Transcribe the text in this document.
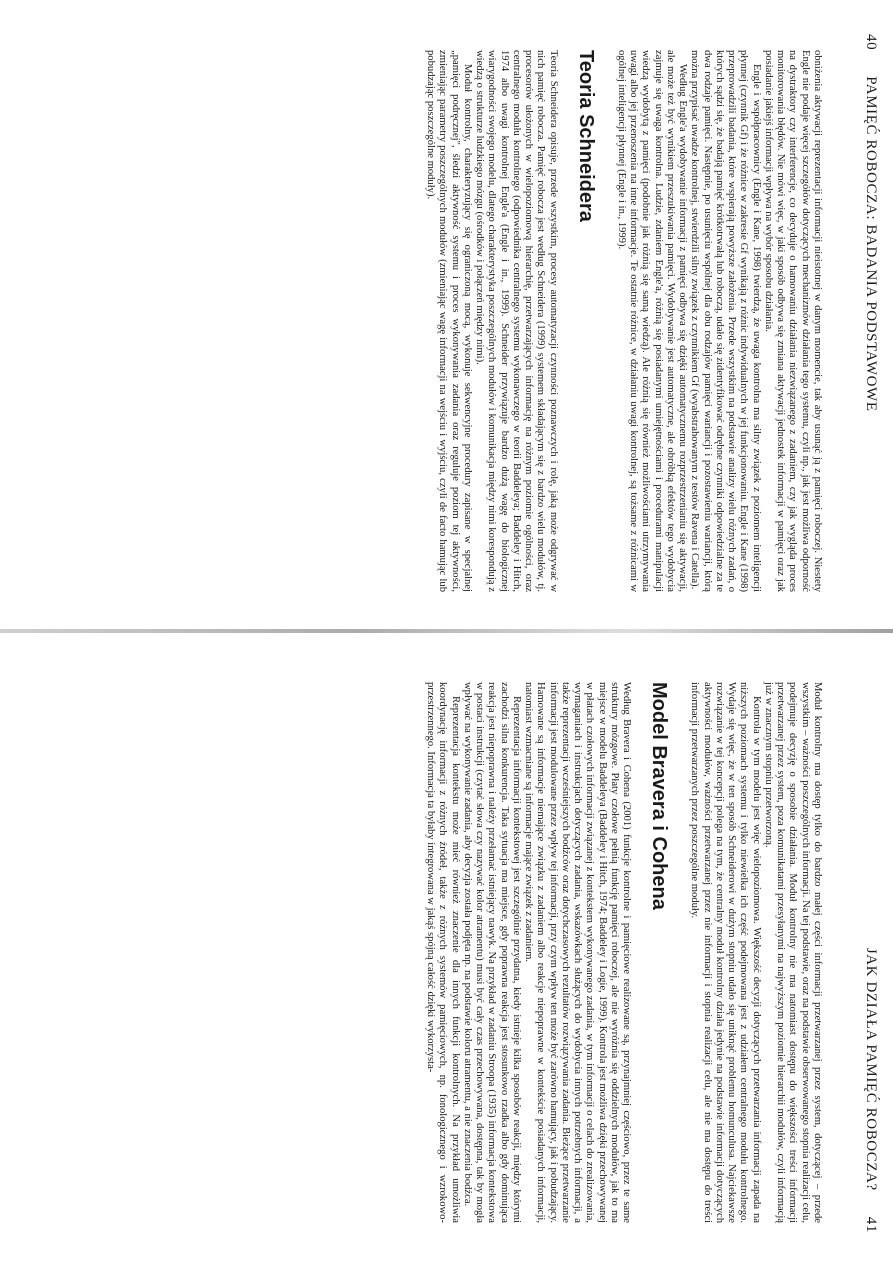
40
PAMIĘĆ ROBOCZA: BADANIA PODSTAWOWE

obniżenia aktywacji reprezentacji informacji nieistotnej w danym momencie, tak aby usunąć ją z pamięci roboczej. Niestety Engle nie podaje więcej szczegółów dotyczących mechanizmów działania tego systemu, czyli np., jak jest możliwa odporność na dystraktory czy interferencje, co decyduje o hamowaniu działania niezwiązanego z zadaniem, czy jak wygląda proces monitorowania błędów. Nie mówi więc, w jaki sposób odbywa się zmiana aktywacji jednostek informacji w pamięci oraz jak posiadanie jakiejś informacji wpływa na wybór sposobu działania.

Engle i współpracownicy (Engle i Kane, 1998) twierdzą, że uwaga kontrolna ma silny związek z poziomem inteligencji płynnej (czynnik Gf) i że różnice w zakresie Gf wynikają z różnic indywidualnych w jej funkcjonowaniu. Engle i Kane (1998) przeprowadzili badania, które wspierają powyższe założenia. Przede wszystkim na podstawie analizy wielu różnych zadań, o których sądzi się, że badają pamięć krótkotrwałą lub roboczą, udało się zidentyfikować odrębne czynniki odpowiedzialne za te dwa rodzaje pamięci. Następnie, po usunięciu wspólnej dla obu rodzajów pamięci wariancji i pozostawieniu wariancji, którą można przypisać uwadze kontrolnej, stwierdzili silny związek z czynnikiem Gf (wyabstrahowanym z testów Ravena i Catella).

Według Engle'a wydobywanie informacji z pamięci odbywa się dzięki automatycznemu rozprzestrzenianiu się aktywacji, ale może też być wynikiem przeszukiwania pamięci. Wydobywanie jest automatyczne, ale obróbką efektów tego wydobycia zajmuje się uwaga kontrolna. Ludzie, zdaniem Engle'a, różnią się posiadanymi umiejętnościami i procedurami manipulacji wiedzą wydobytą z pamięci (podobnie jak różnią się samą wiedzą). Ale różnią się również możliwościami utrzymywania uwagi albo jej przenoszenia na inne informacje. Te ostatnie różnice, w działaniu uwagi kontrolnej, są tożsame z różnicami w ogólnej inteligencji płynnej (Engle i in., 1999).

Teoria Schneidera

Teoria Schneidera opisuje, przede wszystkim, procesy automatyzacji czynności poznawczych i rolę, jaką może odgrywać w nich pamięć robocza. Pamięć robocza jest według Schneidera (1999) systemem składającym się z bardzo wielu modułów, tj. procesorów ułożonych w wielopoziomową hierarchię, przetwarzających informację na różnym poziomie ogólności, oraz centralnego modułu kontrolnego (odpowiednika centralnego systemu wykonawczego w teorii Baddeleya; Baddeley i Hitch, 1974 albo uwagi kontrolnej Engle'a (Engle i in., 1999). Schneider przywiązuje bardzo dużą wagę do biologicznej wiarygodności swojego modelu, dlatego charakterystyka poszczególnych modułów i komunikacja między nimi korespondują z wiedzą o strukturze ludzkiego mózgu (ośrodków i połączeń między nimi).

Moduł kontrolny, charakteryzujący się ograniczoną mocą, wykonuje sekwencyjne procedury zapisane w specjalnej „pamięci podręcznej", śledzi aktywność systemu i proces wykonywania zadania oraz reguluje poziom tej aktywności, zmieniając parametry poszczególnych modułów (zmieniając wagę informacji na wejściu i wyjściu, czyli de facto hamując lub pobudzając poszczególne moduły).

JAK DZIAŁA PAMIĘĆ ROBOCZA?
41

Moduł kontrolny ma dostęp tylko do bardzo małej części informacji przetwarzanej przez system, dotyczącej – przede wszystkim – ważności poszczególnych informacji. Na tej podstawie, oraz na podstawie obserwowanego stopnia realizacji celu, podejmuje decyzję o sposobie działania. Moduł kontrolny nie ma natomiast dostępu do większości treści informacji przetwarzanej przez system, poza komunikatami przesyłanymi na najwyższym poziomie hierarchii modułów, czyli informacją już w znacznym stopniu przetworzoną.

Kontrola w tym modelu jest więc wielopoziomowa. Większość decyzji dotyczących przetwarzania informacji zapada na niższych poziomach systemu i tylko niewielka ich część podejmowana jest z udziałem centralnego modułu kontrolnego. Wydaje się więc, że w ten sposób Schneiderowi w dużym stopniu udało się uniknąć problemu homunculusa. Najciekawsze rozwiązanie w tej koncepcji polega na tym, że centralny moduł kontrolny działa jedynie na podstawie informacji dotyczących aktywności modułów, ważności przetwarzanej przez nie informacji i stopnia realizacji celu, ale nie ma dostępu do treści informacji przetwarzanych przez poszczególne moduły.

Model Bravera i Cohena

Według Bravera i Cohena (2001) funkcje kontrolne i pamięciowe realizowane są, przynajmniej częściowo, przez te same struktury mózgowe. Płaty czołowe pełnią funkcję pamięci roboczej, ale nie wyróżnia się oddzielnych modułów, jak to ma miejsce w modelu Baddeleya (Baddeley i Hitch, 1974; Baddeley i Logie, 1999). Kontrola jest możliwa dzięki przechowywanej w płatach czołowych informacji związanej z kontekstem wykonywanego zadania, w tym informacji o celach do zrealizowania, wymaganiach i instrukcjach dotyczących zadania, wskazówkach służących do wydobycia innych potrzebnych informacji, a także reprezentacji wcześniejszych bodźców oraz dotychczasowych rezultatów rozwiązywania zadania. Bieżące przetwarzanie informacji jest modulowane przez wpływ tej informacji, przy czym wpływ ten może być zarówno hamujący, jak i pobudzający. Hamowane są informacje niemające związku z zadaniem albo reakcje niepoprawne w kontekście posiadanych informacji, natomiast wzmacniane są informacje mające związek z zadaniem.

Reprezentacja informacji kontekstowej jest szczególnie przydatna, kiedy istnieje kilka sposobów reakcji, między którymi zachodzi silna konkurencja. Taka sytuacja ma miejsce, gdy poprawna reakcja jest stosunkowo rzadka albo gdy dominująca reakcja jest niepoprawna i należy przełamać istniejący nawyk. Na przykład w zadaniu Stroopa (1935) informacja kontekstowa w postaci instrukcji (czytać słowa czy nazywać kolor atramentu) musi być cały czas przechowywana, dostępna, tak by mogła wpływać na wykonywanie zadania, aby decyzja została podjęta np. na podstawie koloru atramentu, a nie znaczenia bodźca.

Reprezentacja kontekstu może mieć również znaczenie dla innych funkcji kontrolnych. Na przykład umożliwia koordynację informacji z różnych źródeł, także z różnych systemów pamięciowych, np. fonologicznego i wzrokowo-przestrzennego. Informacja ta byłaby integrowana w jakąś spójną całość dzięki wykorzysta-
